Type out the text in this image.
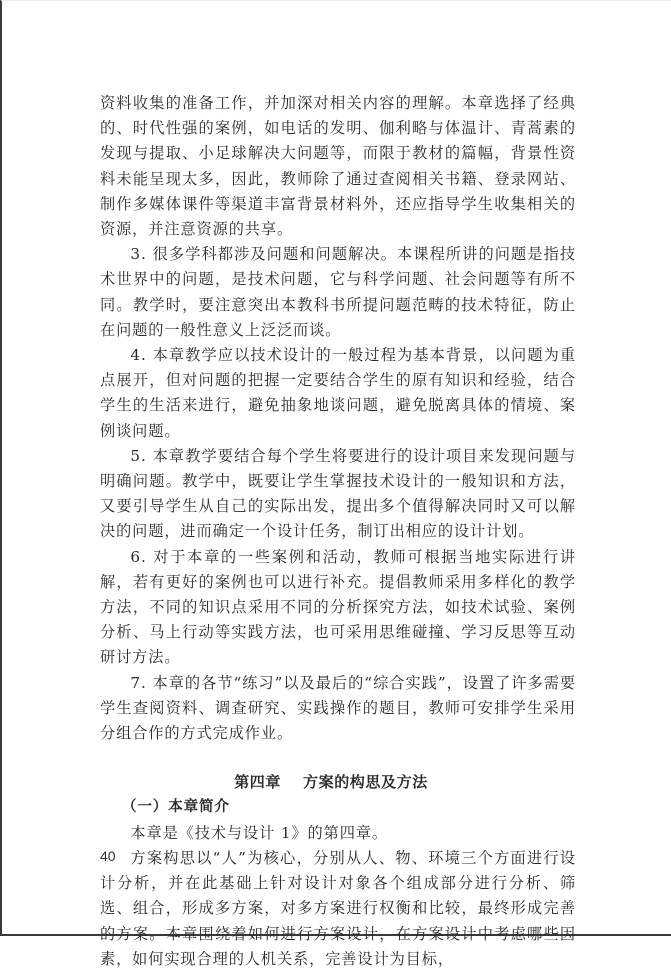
资料收集的准备工作，并加深对相关内容的理解。本章选择了经典的、时代性强的案例，如电话的发明、伽利略与体温计、青蒿素的发现与提取、小足球解决大问题等，而限于教材的篇幅，背景性资料未能呈现太多，因此，教师除了通过查阅相关书籍、登录网站、制作多媒体课件等渠道丰富背景材料外，还应指导学生收集相关的资源，并注意资源的共享。

3. 很多学科都涉及问题和问题解决。本课程所讲的问题是指技术世界中的问题，是技术问题，它与科学问题、社会问题等有所不同。教学时，要注意突出本教科书所提问题范畴的技术特征，防止在问题的一般性意义上泛泛而谈。

4. 本章教学应以技术设计的一般过程为基本背景，以问题为重点展开，但对问题的把握一定要结合学生的原有知识和经验，结合学生的生活来进行，避免抽象地谈问题，避免脱离具体的情境、案例谈问题。

5. 本章教学要结合每个学生将要进行的设计项目来发现问题与明确问题。教学中，既要让学生掌握技术设计的一般知识和方法，又要引导学生从自己的实际出发，提出多个值得解决同时又可以解决的问题，进而确定一个设计任务，制订出相应的设计计划。

6. 对于本章的一些案例和活动，教师可根据当地实际进行讲解，若有更好的案例也可以进行补充。提倡教师采用多样化的教学方法，不同的知识点采用不同的分析探究方法，如技术试验、案例分析、马上行动等实践方法，也可采用思维碰撞、学习反思等互动研讨方法。

7. 本章的各节“练习”以及最后的“综合实践”，设置了许多需要学生查阅资料、调查研究、实践操作的题目，教师可安排学生采用分组合作的方式完成作业。

第四章 方案的构思及方法
（一）本章简介

本章是《技术与设计 1》的第四章。

方案构思以“人”为核心，分别从人、物、环境三个方面进行设计分析，并在此基础上针对设计对象各个组成部分进行分析、筛选、组合，形成多方案，对多方案进行权衡和比较，最终形成完善的方案。本章围绕着如何进行方案设计，在方案设计中考虑哪些因素，如何实现合理的人机关系，完善设计为目标，

40
